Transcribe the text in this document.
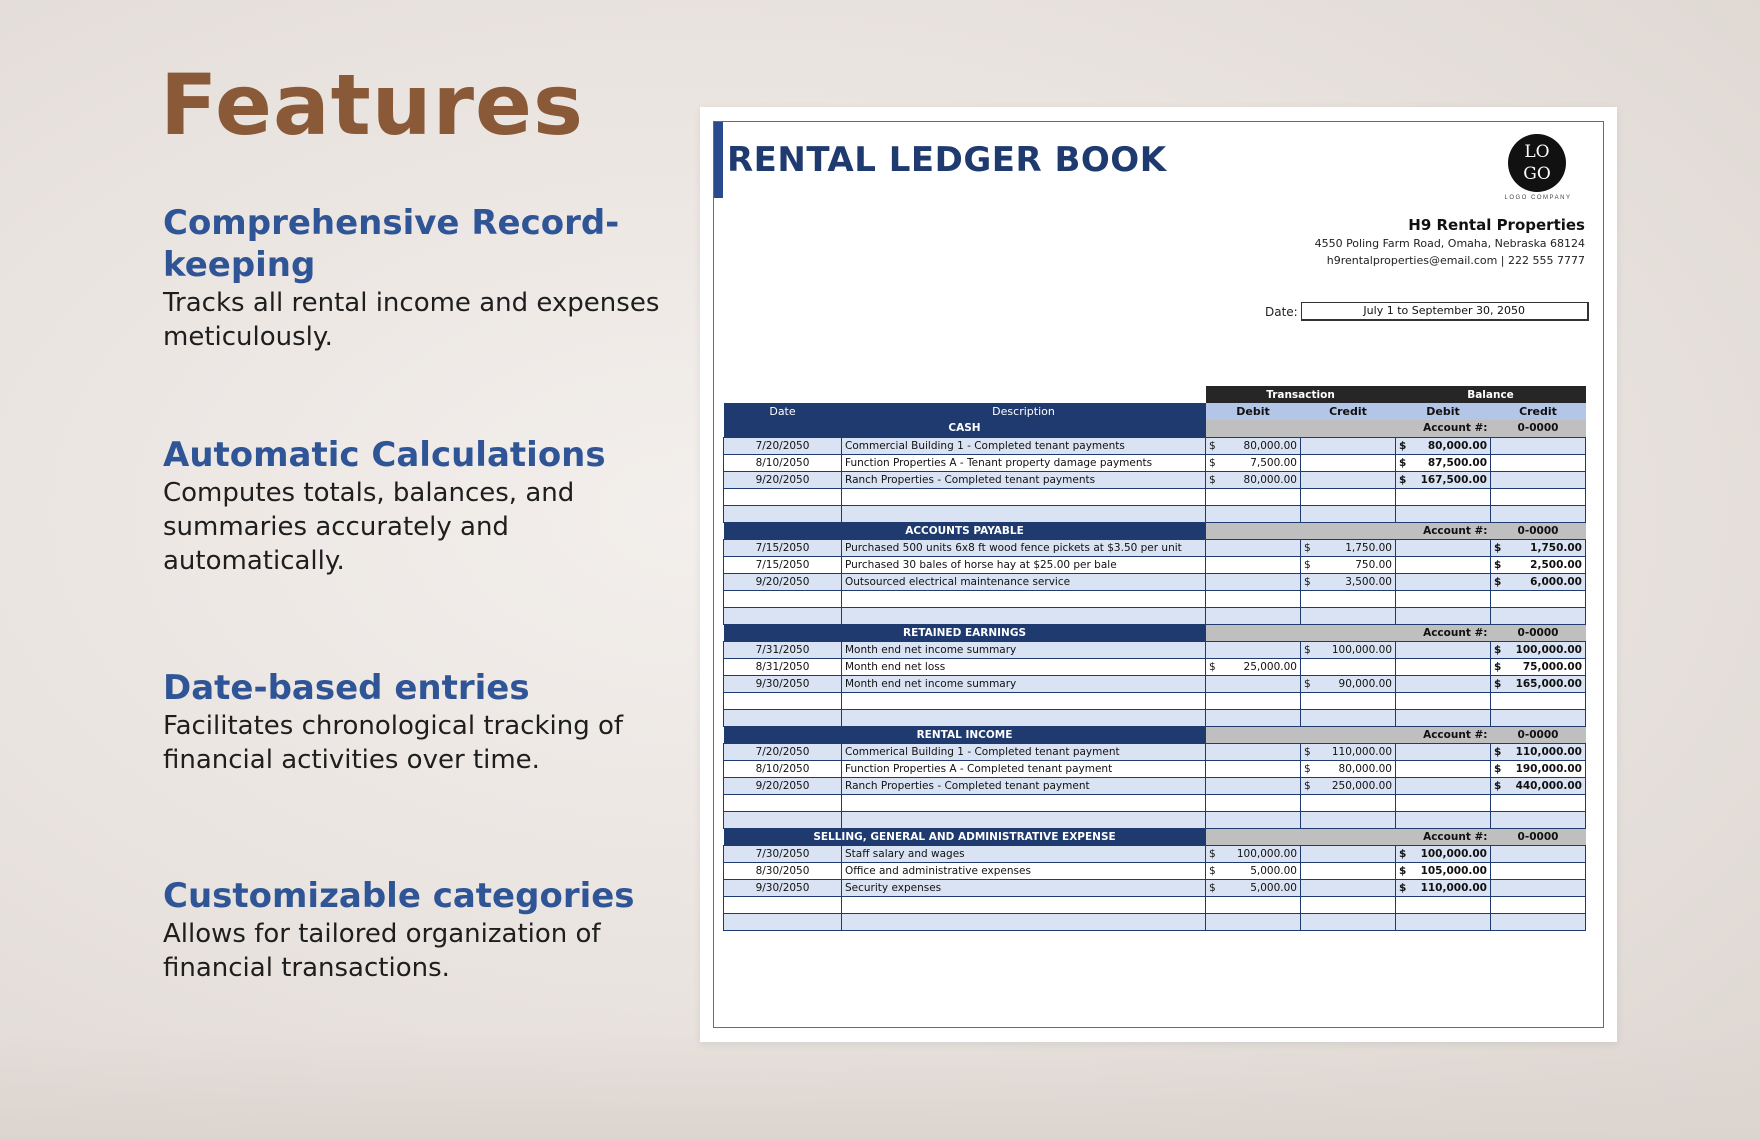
Features
Comprehensive Record-keeping
Tracks all rental income and expenses meticulously.
Automatic Calculations
Computes totals, balances, and summaries accurately and automatically.
Date-based entries
Facilitates chronological tracking of financial activities over time.
Customizable categories
Allows for tailored organization of financial transactions.
RENTAL LEDGER BOOK	LO
GO
LOGO COMPANY
H9 Rental Properties
4550 Poling Farm Road, Omaha, Nebraska 68124
h9rentalproperties@email.com | 222 555 7777
Date:	July 1 to September 30, 2050
		Transaction		Balance	
Date	Description	Debit	Credit	Debit	Credit
CASH				Account #:	0-0000
7/20/2050	Commercial Building 1 - Completed tenant payments	$ 80,000.00		$ 80,000.00	

8/10/2050	Function Properties A - Tenant property damage payments	$ 7,500.00		$ 87,500.00	

9/20/2050	Ranch Properties - Completed tenant payments	$ 80,000.00		$ 167,500.00	

ACCOUNTS PAYABLE				Account #:	0-0000
7/15/2050	Purchased 500 units 6x8 ft wood fence pickets at $3.50 per unit		$ 1,750.00		$ 1,750.00

7/15/2050	Purchased 30 bales of horse hay at $25.00 per bale		$ 750.00		$ 2,500.00

9/20/2050	Outsourced electrical maintenance service		$ 3,500.00		$ 6,000.00

RETAINED EARNINGS				Account #:	0-0000
7/31/2050	Month end net income summary		$ 100,000.00		$ 100,000.00

8/31/2050	Month end net loss	$ 25,000.00			$ 75,000.00

9/30/2050	Month end net income summary		$ 90,000.00		$ 165,000.00

RENTAL INCOME				Account #:	0-0000
7/20/2050	Commerical Building 1 - Completed tenant payment		$ 110,000.00		$ 110,000.00

8/10/2050	Function Properties A - Completed tenant payment		$ 80,000.00		$ 190,000.00

9/20/2050	Ranch Properties - Completed tenant payment		$ 250,000.00		$ 440,000.00

SELLING, GENERAL AND ADMINISTRATIVE EXPENSE				Account #:	0-0000
7/30/2050	Staff salary and wages	$ 100,000.00		$ 100,000.00	

8/30/2050	Office and administrative expenses	$ 5,000.00		$ 105,000.00	

9/30/2050	Security expenses	$ 5,000.00		$ 110,000.00	
